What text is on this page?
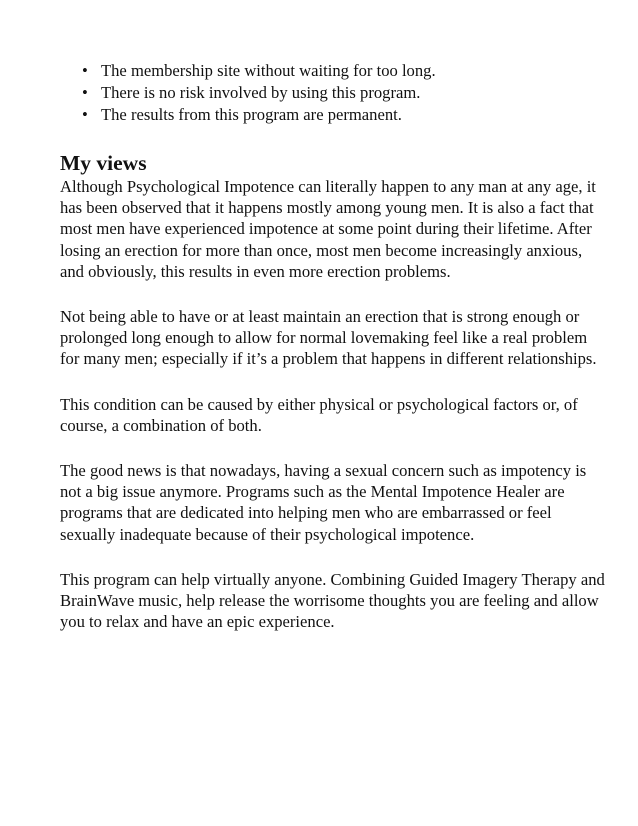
• The membership site without waiting for too long.
• There is no risk involved by using this program.
• The results from this program are permanent.
My views

Although Psychological Impotence can literally happen to any man at any age, it has been observed that it happens mostly among young men. It is also a fact that most men have experienced impotence at some point during their lifetime. After losing an erection for more than once, most men become increasingly anxious, and obviously, this results in even more erection problems.

Not being able to have or at least maintain an erection that is strong enough or prolonged long enough to allow for normal lovemaking feel like a real problem for many men; especially if it’s a problem that happens in different relationships.

This condition can be caused by either physical or psychological factors or, of course, a combination of both.

The good news is that nowadays, having a sexual concern such as impotency is not a big issue anymore. Programs such as the Mental Impotence Healer are programs that are dedicated into helping men who are embarrassed or feel sexually inadequate because of their psychological impotence.

This program can help virtually anyone. Combining Guided Imagery Therapy and BrainWave music, help release the worrisome thoughts you are feeling and allow you to relax and have an epic experience.
